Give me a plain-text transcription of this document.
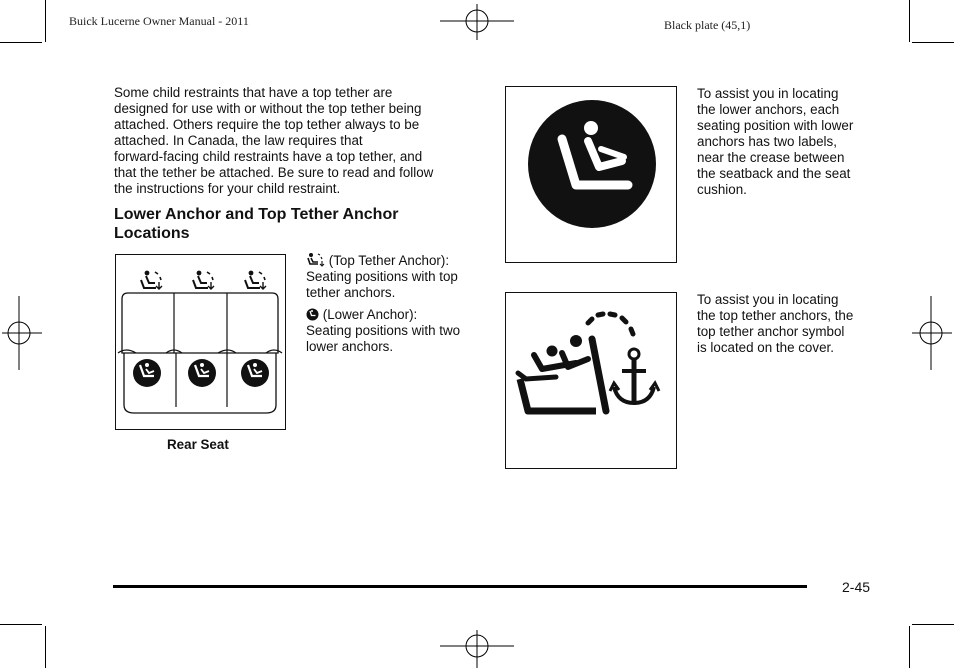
Buick Lucerne Owner Manual - 2011	Black plate (45,1)
Some child restraints that have a top tether are
designed for use with or without the top tether being
attached. Others require the top tether always to be
attached. In Canada, the law requires that
forward-facing child restraints have a top tether, and
that the tether be attached. Be sure to read and follow
the instructions for your child restraint.
Lower Anchor and Top Tether Anchor
Locations
Rear Seat
(Top Tether Anchor):
Seating positions with top
tether anchors.
(Lower Anchor):
Seating positions with two
lower anchors.
To assist you in locating
the lower anchors, each
seating position with lower
anchors has two labels,
near the crease between
the seatback and the seat
cushion.
To assist you in locating
the top tether anchors, the
top tether anchor symbol
is located on the cover.
2-45
